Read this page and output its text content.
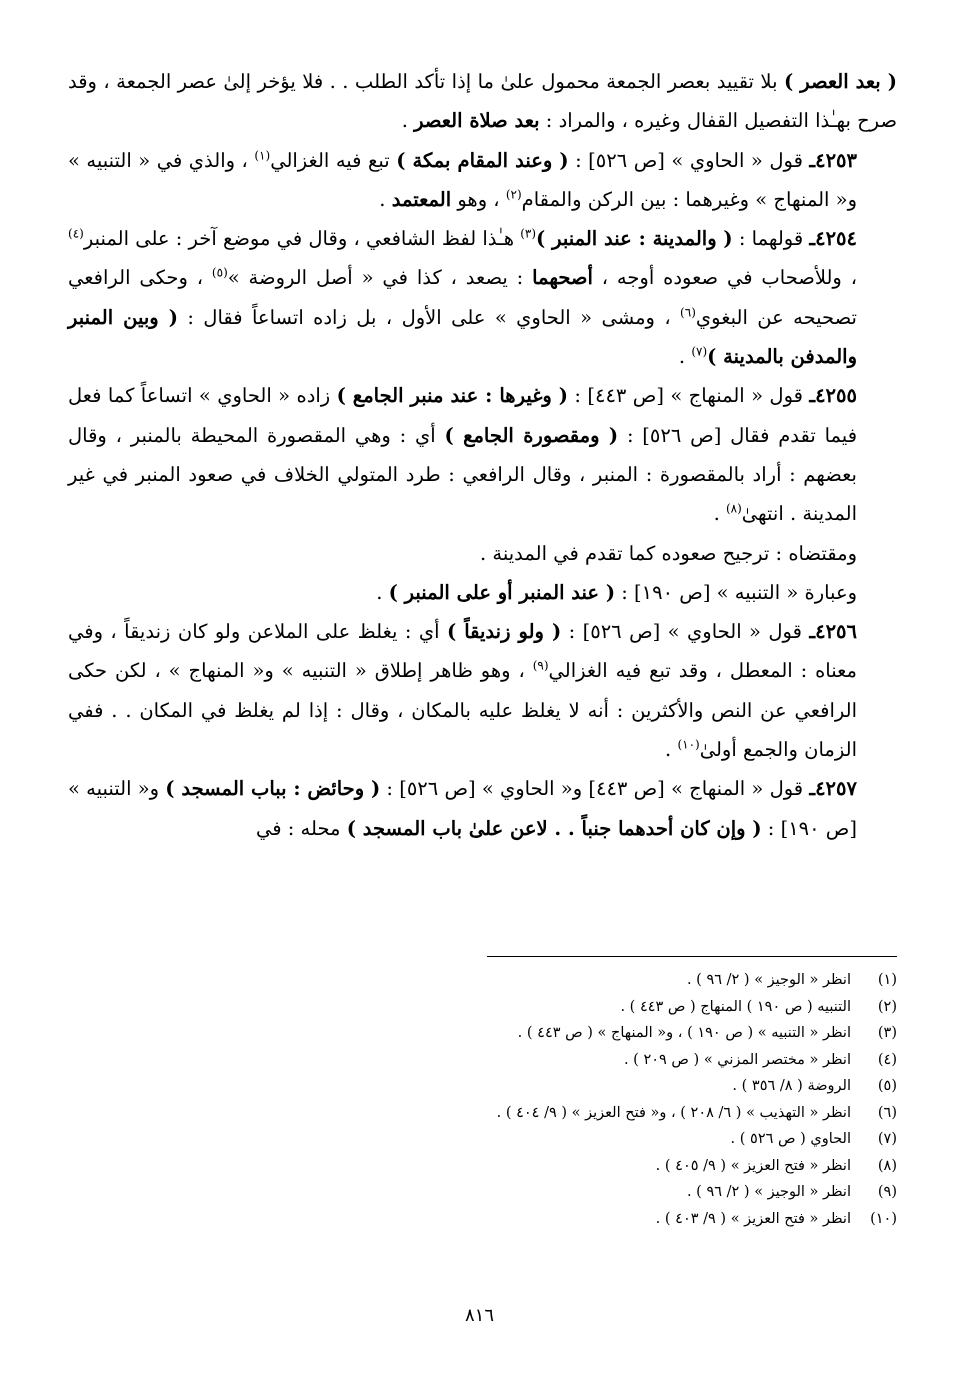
( بعد العصر ) بلا تقييد بعصر الجمعة محمول علىٰ ما إذا تأكد الطلب . . فلا يؤخر إلىٰ عصر الجمعة ، وقد صرح بهـٰذا التفصيل القفال وغيره ، والمراد : بعد صلاة العصر .

٤٢٥٣ـ قول « الحاوي » [ص ٥٢٦] : ( وعند المقام بمكة ) تبع فيه الغزالي$^{(١)}$ ، والذي في « التنبيه » و« المنهاج » وغيرهما : بين الركن والمقام$^{(٢)}$ ، وهو المعتمد .

٤٢٥٤ـ قولهما : ( والمدينة : عند المنبر )$^{(٣)}$ هـٰذا لفظ الشافعي ، وقال في موضع آخر : على المنبر$^{(٤)}$ ، وللأصحاب في صعوده أوجه ، أصحهما : يصعد ، كذا في « أصل الروضة »$^{(٥)}$ ، وحكى الرافعي تصحيحه عن البغوي$^{(٦)}$ ، ومشى « الحاوي » على الأول ، بل زاده اتساعاً فقال : ( وبين المنبر والمدفن بالمدينة )$^{(٧)}$ .

٤٢٥٥ـ قول « المنهاج » [ص ٤٤٣] : ( وغيرها : عند منبر الجامع ) زاده « الحاوي » اتساعاً كما فعل فيما تقدم فقال [ص ٥٢٦] : ( ومقصورة الجامع ) أي : وهي المقصورة المحيطة بالمنبر ، وقال بعضهم : أراد بالمقصورة : المنبر ، وقال الرافعي : طرد المتولي الخلاف في صعود المنبر في غير المدينة . انتهىٰ$^{(٨)}$ .

ومقتضاه : ترجيح صعوده كما تقدم في المدينة .

وعبارة « التنبيه » [ص ١٩٠] : ( عند المنبر أو على المنبر ) .

٤٢٥٦ـ قول « الحاوي » [ص ٥٢٦] : ( ولو زنديقاً ) أي : يغلظ على الملاعن ولو كان زنديقاً ، وفي معناه : المعطل ، وقد تبع فيه الغزالي$^{(٩)}$ ، وهو ظاهر إطلاق « التنبيه » و« المنهاج » ، لكن حكى الرافعي عن النص والأكثرين : أنه لا يغلظ عليه بالمكان ، وقال : إذا لم يغلظ في المكان . . ففي الزمان والجمع أولىٰ$^{(١٠)}$ .

٤٢٥٧ـ قول « المنهاج » [ص ٤٤٣] و« الحاوي » [ص ٥٢٦] : ( وحائض : بباب المسجد ) و« التنبيه » [ص ١٩٠] : ( وإن كان أحدهما جنباً . . لاعن علىٰ باب المسجد ) محله : في

(١)
انظر « الوجيز » ( ٢/ ٩٦ ) .
(٢)
التنبيه ( ص ١٩٠ ) المنهاج ( ص ٤٤٣ ) .
(٣)
انظر « التنبيه » ( ص ١٩٠ ) ، و« المنهاج » ( ص ٤٤٣ ) .
(٤)
انظر « مختصر المزني » ( ص ٢٠٩ ) .
(٥)
الروضة ( ٨/ ٣٥٦ ) .
(٦)
انظر « التهذيب » ( ٦/ ٢٠٨ ) ، و« فتح العزيز » ( ٩/ ٤٠٤ ) .
(٧)
الحاوي ( ص ٥٢٦ ) .
(٨)
انظر « فتح العزيز » ( ٩/ ٤٠٥ ) .
(٩)
انظر « الوجيز » ( ٢/ ٩٦ ) .
(١٠)
انظر « فتح العزيز » ( ٩/ ٤٠٣ ) .
٨١٦
